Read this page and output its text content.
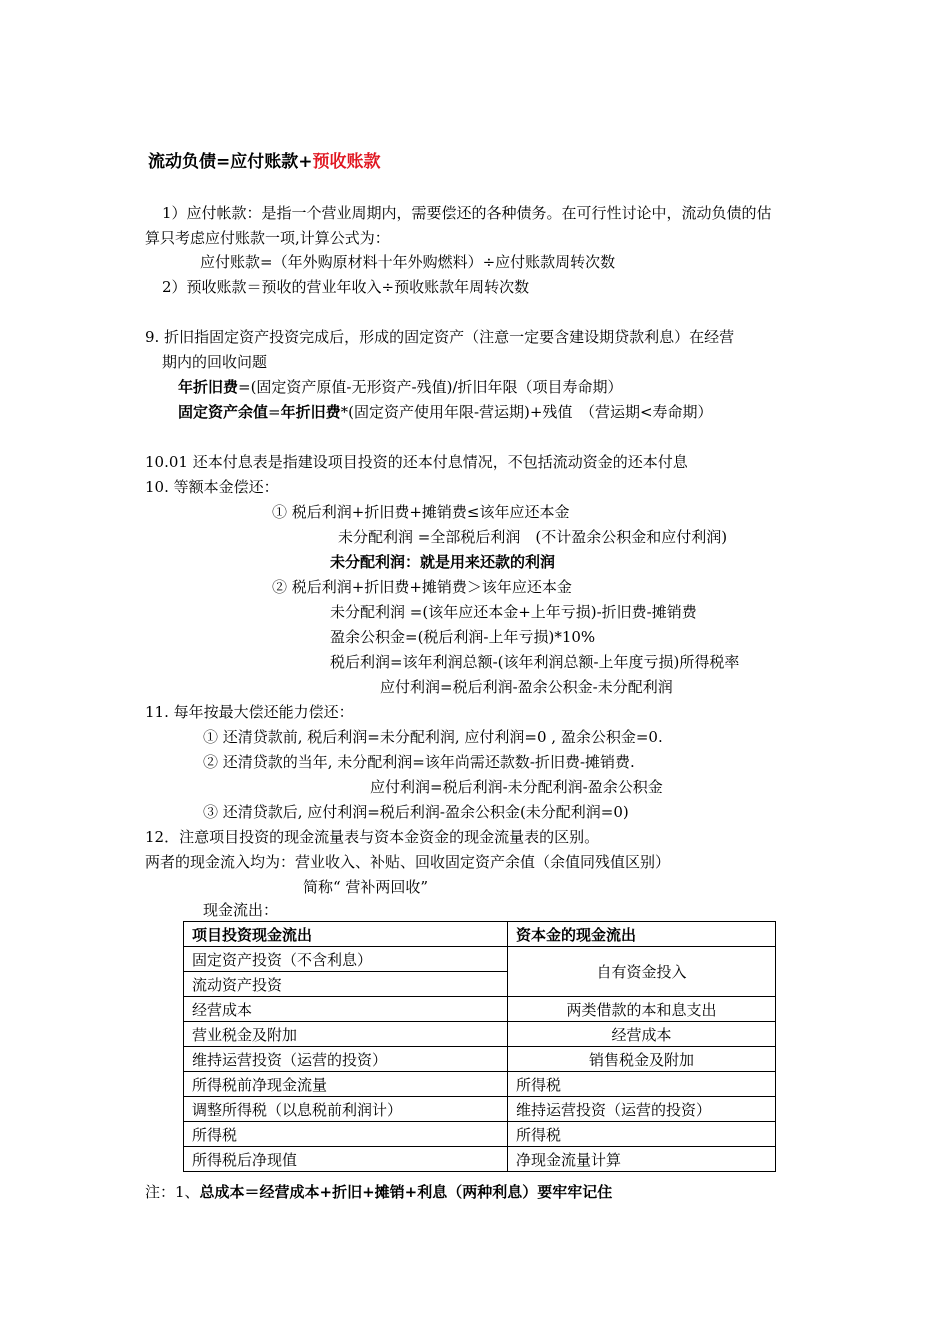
流动负债=应付账款+预收账款
1）应付帐款：是指一个营业周期内，需要偿还的各种债务。在可行性讨论中，流动负债的估
算只考虑应付账款一项,计算公式为：
应付账款=（年外购原材料十年外购燃料）÷应付账款周转次数
2）预收账款＝预收的营业年收入÷预收账款年周转次数
9. 折旧指固定资产投资完成后，形成的固定资产（注意一定要含建设期贷款利息）在经营
期内的回收问题
年折旧费=(固定资产原值-无形资产-残值)/折旧年限（项目寿命期）
固定资产余值=年折旧费*(固定资产使用年限-营运期)+残值　（营运期<寿命期）
10.01 还本付息表是指建设项目投资的还本付息情况，不包括流动资金的还本付息
10. 等额本金偿还：
① 税后利润+折旧费+摊销费≤该年应还本金
未分配利润 =全部税后利润　(不计盈余公积金和应付利润)
未分配利润：就是用来还款的利润
② 税后利润+折旧费+摊销费＞该年应还本金
未分配利润 =(该年应还本金+上年亏损)-折旧费-摊销费
盈余公积金=(税后利润-上年亏损)*10%
税后利润=该年利润总额-(该年利润总额-上年度亏损)所得税率
应付利润=税后利润-盈余公积金-未分配利润
11. 每年按最大偿还能力偿还：
① 还清贷款前, 税后利润=未分配利润, 应付利润=0 , 盈余公积金=0.
② 还清贷款的当年, 未分配利润=该年尚需还款数-折旧费-摊销费.
应付利润=税后利润-未分配利润-盈余公积金
③ 还清贷款后, 应付利润=税后利润-盈余公积金(未分配利润=0)
12．注意项目投资的现金流量表与资本金资金的现金流量表的区别。
两者的现金流入均为：营业收入、补贴、回收固定资产余值（余值同残值区别）
简称“ 营补两回收”
现金流出：
项目投资现金流出	资本金的现金流出
固定资产投资（不含利息）	自有资金投入
流动资产投资	
经营成本	两类借款的本和息支出
营业税金及附加	经营成本
维持运营投资（运营的投资）	销售税金及附加
所得税前净现金流量	所得税
调整所得税（以息税前利润计）	维持运营投资（运营的投资）
所得税	所得税
所得税后净现值	净现金流量计算
注：1、总成本＝经营成本+折旧+摊销+利息（两种利息）要牢牢记住
